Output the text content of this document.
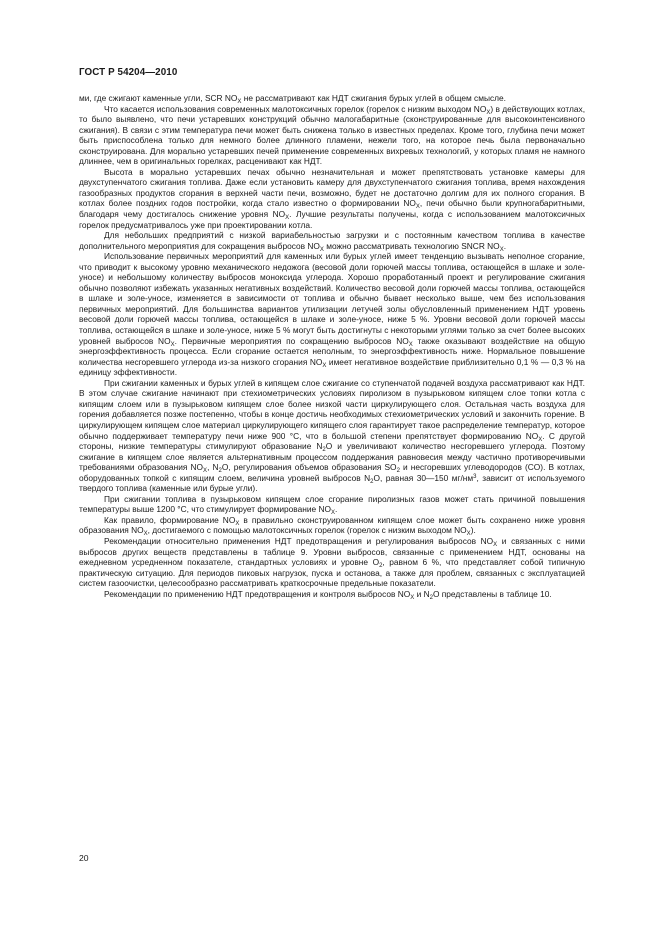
ГОСТ Р 54204—2010

ми, где сжигают каменные угли, SCR $NO_X$ не рассматривают как НДТ сжигания бурых углей в общем смысле.

Что касается использования современных малотоксичных горелок (горелок с низким выходом $NO_X$) в действующих котлах, то было выявлено, что печи устаревших конструкций обычно малогабаритные (сконструированные для высокоинтенсивного сжигания). В связи с этим температура печи может быть снижена только в известных пределах. Кроме того, глубина печи может быть приспособлена только для немного более длинного пламени, нежели того, на которое печь была первоначально сконструирована. Для морально устаревших печей применение современных вихревых технологий, у которых пламя не намного длиннее, чем в оригинальных горелках, расценивают как НДТ.

Высота в морально устаревших печах обычно незначительная и может препятствовать установке камеры для двухступенчатого сжигания топлива. Даже если установить камеру для двухступенчатого сжигания топлива, время нахождения газообразных продуктов сгорания в верхней части печи, возможно, будет не достаточно долгим для их полного сгорания. В котлах более поздних годов постройки, когда стало известно о формировании $NO_X$, печи обычно были крупногабаритными, благодаря чему достигалось снижение уровня $NO_X$. Лучшие результаты получены, когда с использованием малотоксичных горелок предусматривалось уже при проектировании котла.

Для небольших предприятий с низкой вариабельностью загрузки и с постоянным качеством топлива в качестве дополнительного мероприятия для сокращения выбросов $NO_X$ можно рассматривать технологию SNCR $NO_X$.

Использование первичных мероприятий для каменных или бурых углей имеет тенденцию вызывать неполное сгорание, что приводит к высокому уровню механического недожога (весовой доли горючей массы топлива, остающейся в шлаке и золе-уносе) и небольшому количеству выбросов моноксида углерода. Хорошо проработанный проект и регулирование сжигания обычно позволяют избежать указанных негативных воздействий. Количество весовой доли горючей массы топлива, остающейся в шлаке и золе-уносе, изменяется в зависимости от топлива и обычно бывает несколько выше, чем без использования первичных мероприятий. Для большинства вариантов утилизации летучей золы обусловленный применением НДТ уровень весовой доли горючей массы топлива, остающейся в шлаке и золе-уносе, ниже 5 %. Уровни весовой доли горючей массы топлива, остающейся в шлаке и золе-уносе, ниже 5 % могут быть достигнуты с некоторыми углями только за счет более высоких уровней выбросов $NO_X$. Первичные мероприятия по сокращению выбросов $NO_X$ также оказывают воздействие на общую энергоэффективность процесса. Если сгорание остается неполным, то энергоэффективность ниже. Нормальное повышение количества несгоревшего углерода из-за низкого сгорания $NO_X$ имеет негативное воздействие приблизительно 0,1 % — 0,3 % на единицу эффективности.

При сжигании каменных и бурых углей в кипящем слое сжигание со ступенчатой подачей воздуха рассматривают как НДТ. В этом случае сжигание начинают при стехиометрических условиях пиролизом в пузырьковом кипящем слое топки котла с кипящим слоем или в пузырьковом кипящем слое более низкой части циркулирующего слоя. Остальная часть воздуха для горения добавляется позже постепенно, чтобы в конце достичь необходимых стехиометрических условий и закончить горение. В циркулирующем кипящем слое материал циркулирующего кипящего слоя гарантирует такое распределение температур, которое обычно поддерживает температуру печи ниже 900 °C, что в большой степени препятствует формированию $NO_X$. С другой стороны, низкие температуры стимулируют образование $N_2O$ и увеличивают количество несгоревшего углерода. Поэтому сжигание в кипящем слое является альтернативным процессом поддержания равновесия между частично противоречивыми требованиями образования $NO_X$, $N_2O$, регулирования объемов образования $SO_2$ и несгоревших углеводородов (CO). В котлах, оборудованных топкой с кипящим слоем, величина уровней выбросов $N_2O$, равная 30—150 $мг/нм^3$, зависит от используемого твердого топлива (каменные или бурые угли).

При сжигании топлива в пузырьковом кипящем слое сгорание пиролизных газов может стать причиной повышения температуры выше 1200 °C, что стимулирует формирование $NO_X$.

Как правило, формирование $NO_X$ в правильно сконструированном кипящем слое может быть сохранено ниже уровня образования $NO_X$, достигаемого с помощью малотоксичных горелок (горелок с низким выходом $NO_X$).

Рекомендации относительно применения НДТ предотвращения и регулирования выбросов $NO_X$ и связанных с ними выбросов других веществ представлены в таблице 9. Уровни выбросов, связанные с применением НДТ, основаны на ежедневном усредненном показателе, стандартных условиях и уровне $O_2$, равном 6 %, что представляет собой типичную практическую ситуацию. Для периодов пиковых нагрузок, пуска и останова, а также для проблем, связанных с эксплуатацией систем газоочистки, целесообразно рассматривать краткосрочные предельные показатели.

Рекомендации по применению НДТ предотвращения и контроля выбросов $NO_X$ и $N_2O$ представлены в таблице 10.

20
